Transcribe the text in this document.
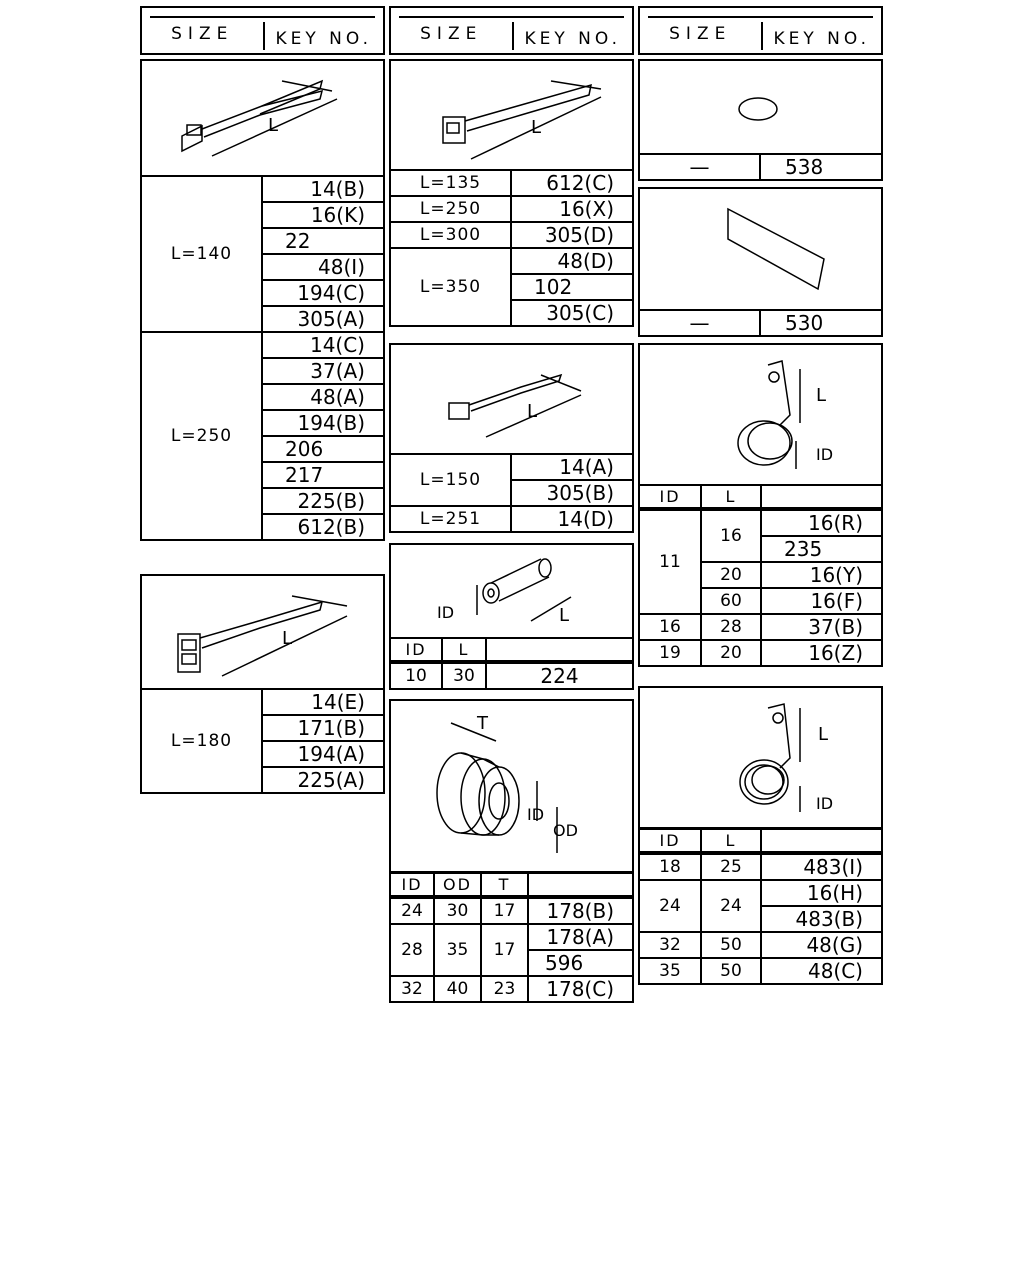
SIZE	KEY NO.	SIZE	KEY NO.	SIZE	KEY NO.
L
L=140	14(B)
	16(K)
	22
	48(I)
	194(C)
	305(A)
L=250	14(C)
	37(A)
	48(A)
	194(B)
	206
	217
	225(B)
	612(B)
L
L=180	14(E)
171(B)
194(A)
225(A)
L
L=135	612(C)
L=250	16(X)
L=300	305(D)
L=350	48(D)
	102
	305(C)
L
L=150	14(A)
	305(B)
L=251	14(D)
ID	L
ID	L	
10	30	224
T
ID
OD
ID	OD	T	
24	30	17	178(B)
28	35	17	178(A)
			596
32	40	23	178(C)
—	538
—	530
L
ID
ID	L	
11	16	16(R)
		235
	20	16(Y)
	60	16(F)
16	28	37(B)
19	20	16(Z)
L
ID
ID	L	
18	25	483(I)
24	24	16(H)
		483(B)
32	50	48(G)
35	50	48(C)
